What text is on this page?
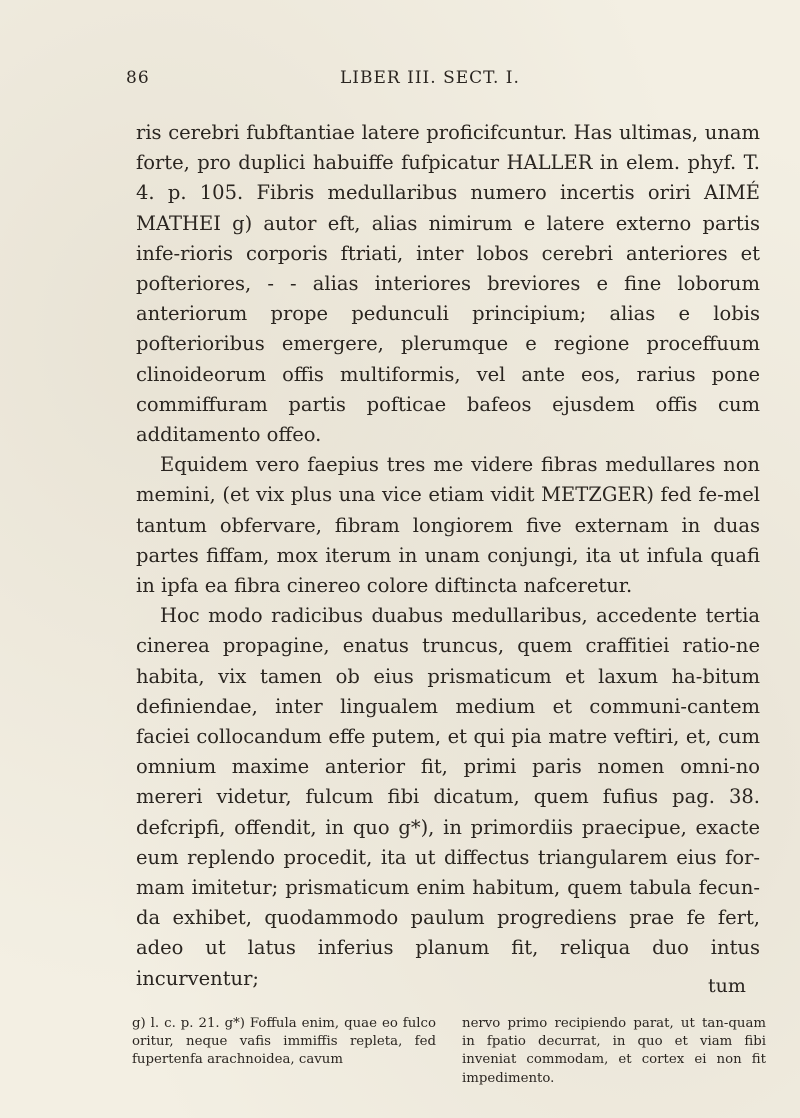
86	LIBER III. SECT. I.

ris cerebri fubftantiae latere proficifcuntur. Has ultimas, unam forte, pro duplici habuiffe fufpicatur HALLER in elem. phyf. T. 4. p. 105. Fibris medullaribus numero incertis oriri AIMÉ MATHEI g) autor eft, alias nimirum e latere externo partis infe-rioris corporis ftriati, inter lobos cerebri anteriores et pofteriores, - - alias interiores breviores e fine loborum anteriorum prope pedunculi principium; alias e lobis pofterioribus emergere, plerumque e regione proceffuum clinoideorum offis multiformis, vel ante eos, rarius pone commiffuram partis pofticae bafeos ejusdem offis cum additamento offeo.

Equidem vero faepius tres me videre fibras medullares non memini, (et vix plus una vice etiam vidit METZGER) fed fe-mel tantum obfervare, fibram longiorem five externam in duas partes fiffam, mox iterum in unam conjungi, ita ut infula quafi in ipfa ea fibra cinereo colore diftincta nafceretur.

Hoc modo radicibus duabus medullaribus, accedente tertia cinerea propagine, enatus truncus, quem craffitiei ratio-ne habita, vix tamen ob eius prismaticum et laxum ha-bitum definiendae, inter lingualem medium et communi-cantem faciei collocandum effe putem, et qui pia matre veftiri, et, cum omnium maxime anterior fit, primi paris nomen omni-no mereri videtur, fulcum fibi dicatum, quem fufius pag. 38. defcripfi, offendit, in quo g*), in primordiis praecipue, exacte eum replendo procedit, ita ut diffectus triangularem eius for-mam imitetur; prismaticum enim habitum, quem tabula fecun-da exhibet, quodammodo paulum progrediens prae fe fert, adeo ut latus inferius planum fit, reliqua duo intus incurventur;	tum

g) l. c. p. 21. g*) Foffula enim, quae eo fulco oritur, neque vafis immiffis repleta, fed fupertenfa arachnoidea, cavum

nervo primo recipiendo parat, ut tan-quam in fpatio decurrat, in quo et viam fibi inveniat commodam, et cortex ei non fit impedimento.
